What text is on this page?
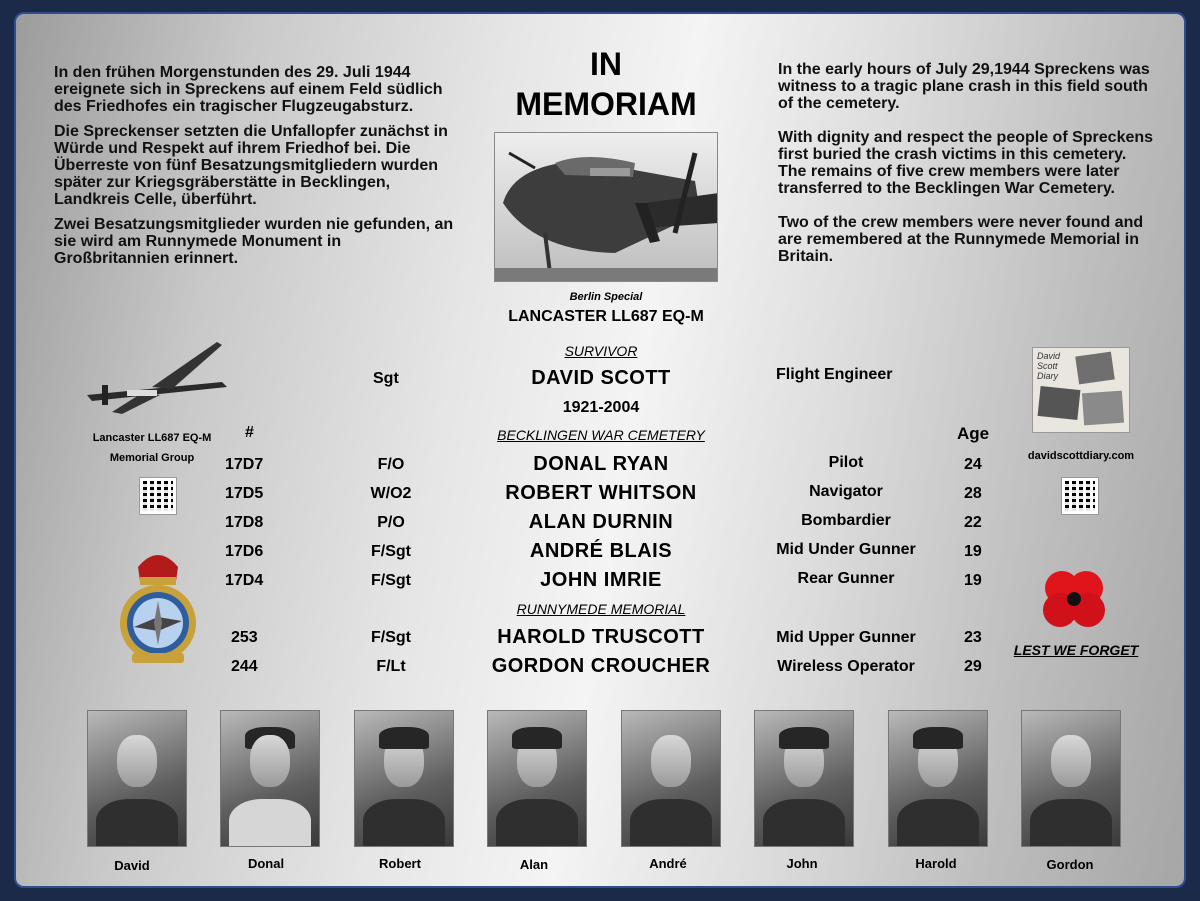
In den frühen Morgenstunden des 29. Juli 1944 ereignete sich in Spreckens auf einem Feld südlich des Friedhofes ein tragischer Flugzeugabsturz.

Die Spreckenser setzten die Unfallopfer zunächst in Würde und Respekt auf ihrem Friedhof bei. Die Überreste von fünf Besatzungsmitgliedern wurden später zur Kriegsgräberstätte in Becklingen, Landkreis Celle, überführt.

Zwei Besatzungsmitglieder wurden nie gefunden, an sie wird am Runnymede Monument in Großbritannien erinnert.

In the early hours of July 29,1944 Spreckens was witness to a tragic plane crash in this field south of the cemetery.

With dignity and respect the people of Spreckens first buried the crash victims in this cemetery. The remains of five crew members were later transferred to the Becklingen War Cemetery.

Two of the crew members were never found and are remembered at the Runnymede Memorial in Britain.

IN
MEMORIAM
Berlin Special
LANCASTER LL687 EQ-M
Lancaster LL687 EQ-M
Memorial Group
David Scott Diary
davidscottdiary.com
LEST WE FORGET
SURVIVOR
Sgt	DAVID SCOTT	Flight Engineer
1921-2004
#	Age
BECKLINGEN WAR CEMETERY
17D7	F/O	DONAL RYAN	Pilot	24
17D5	W/O2	ROBERT WHITSON	Navigator	28
17D8	P/O	ALAN DURNIN	Bombardier	22
17D6	F/Sgt	ANDRÉ BLAIS	Mid Under Gunner	19
17D4	F/Sgt	JOHN IMRIE	Rear Gunner	19
RUNNYMEDE MEMORIAL
253	F/Sgt	HAROLD TRUSCOTT	Mid Upper Gunner	23
244	F/Lt	GORDON CROUCHER	Wireless Operator	29
David	Donal	Robert	Alan	André	John	Harold	Gordon
